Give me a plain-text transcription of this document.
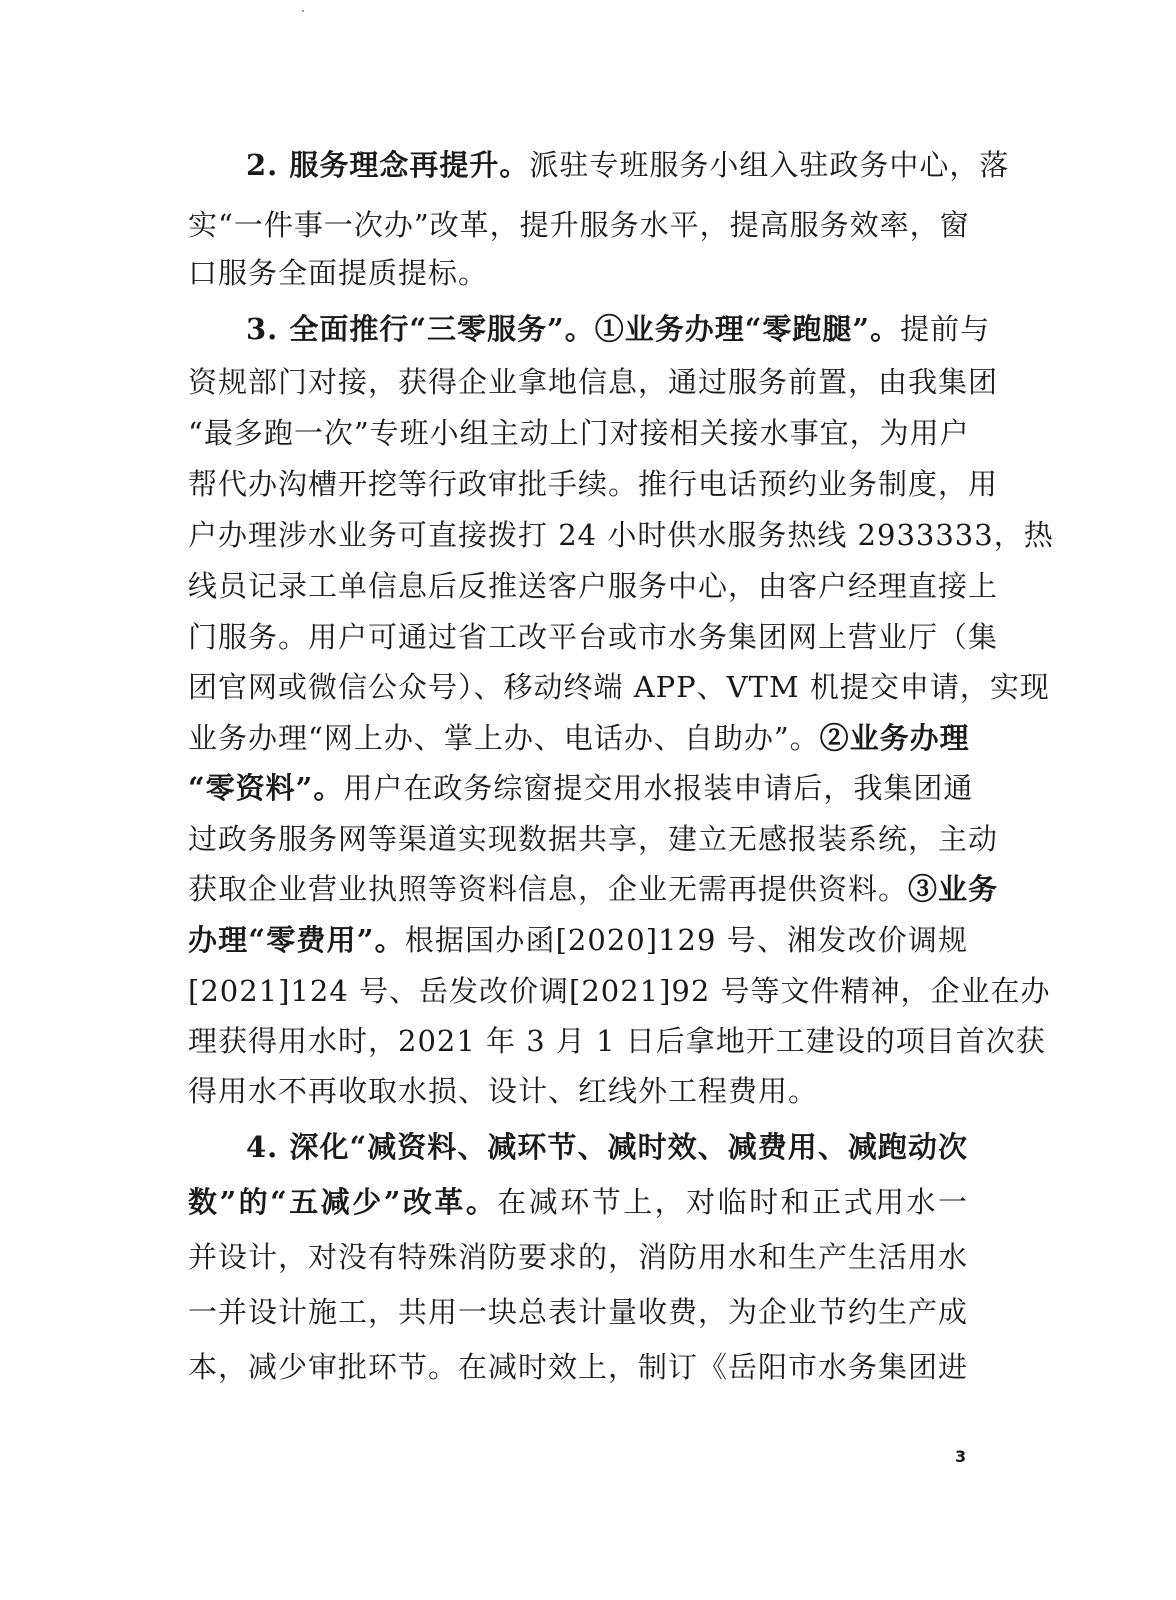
2. 服务理念再提升。派驻专班服务小组入驻政务中心，落
实“一件事一次办”改革，提升服务水平，提高服务效率，窗
口服务全面提质提标。
3. 全面推行“三零服务”。①业务办理“零跑腿”。提前与
资规部门对接，获得企业拿地信息，通过服务前置，由我集团
“最多跑一次”专班小组主动上门对接相关接水事宜，为用户
帮代办沟槽开挖等行政审批手续。推行电话预约业务制度，用
户办理涉水业务可直接拨打 24 小时供水服务热线 2933333，热
线员记录工单信息后反推送客户服务中心，由客户经理直接上
门服务。用户可通过省工改平台或市水务集团网上营业厅（集
团官网或微信公众号）、移动终端 APP、VTM 机提交申请，实现
业务办理“网上办、掌上办、电话办、自助办”。②业务办理
“零资料”。用户在政务综窗提交用水报装申请后，我集团通
过政务服务网等渠道实现数据共享，建立无感报装系统，主动
获取企业营业执照等资料信息，企业无需再提供资料。③业务
办理“零费用”。根据国办函[2020]129 号、湘发改价调规
[2021]124 号、岳发改价调[2021]92 号等文件精神，企业在办
理获得用水时，2021 年 3 月 1 日后拿地开工建设的项目首次获
得用水不再收取水损、设计、红线外工程费用。
4. 深化“减资料、减环节、减时效、减费用、减跑动次
数”的“五减少”改革。在减环节上，对临时和正式用水一
并设计，对没有特殊消防要求的，消防用水和生产生活用水
一并设计施工，共用一块总表计量收费，为企业节约生产成
本，减少审批环节。在减时效上，制订《岳阳市水务集团进
3
